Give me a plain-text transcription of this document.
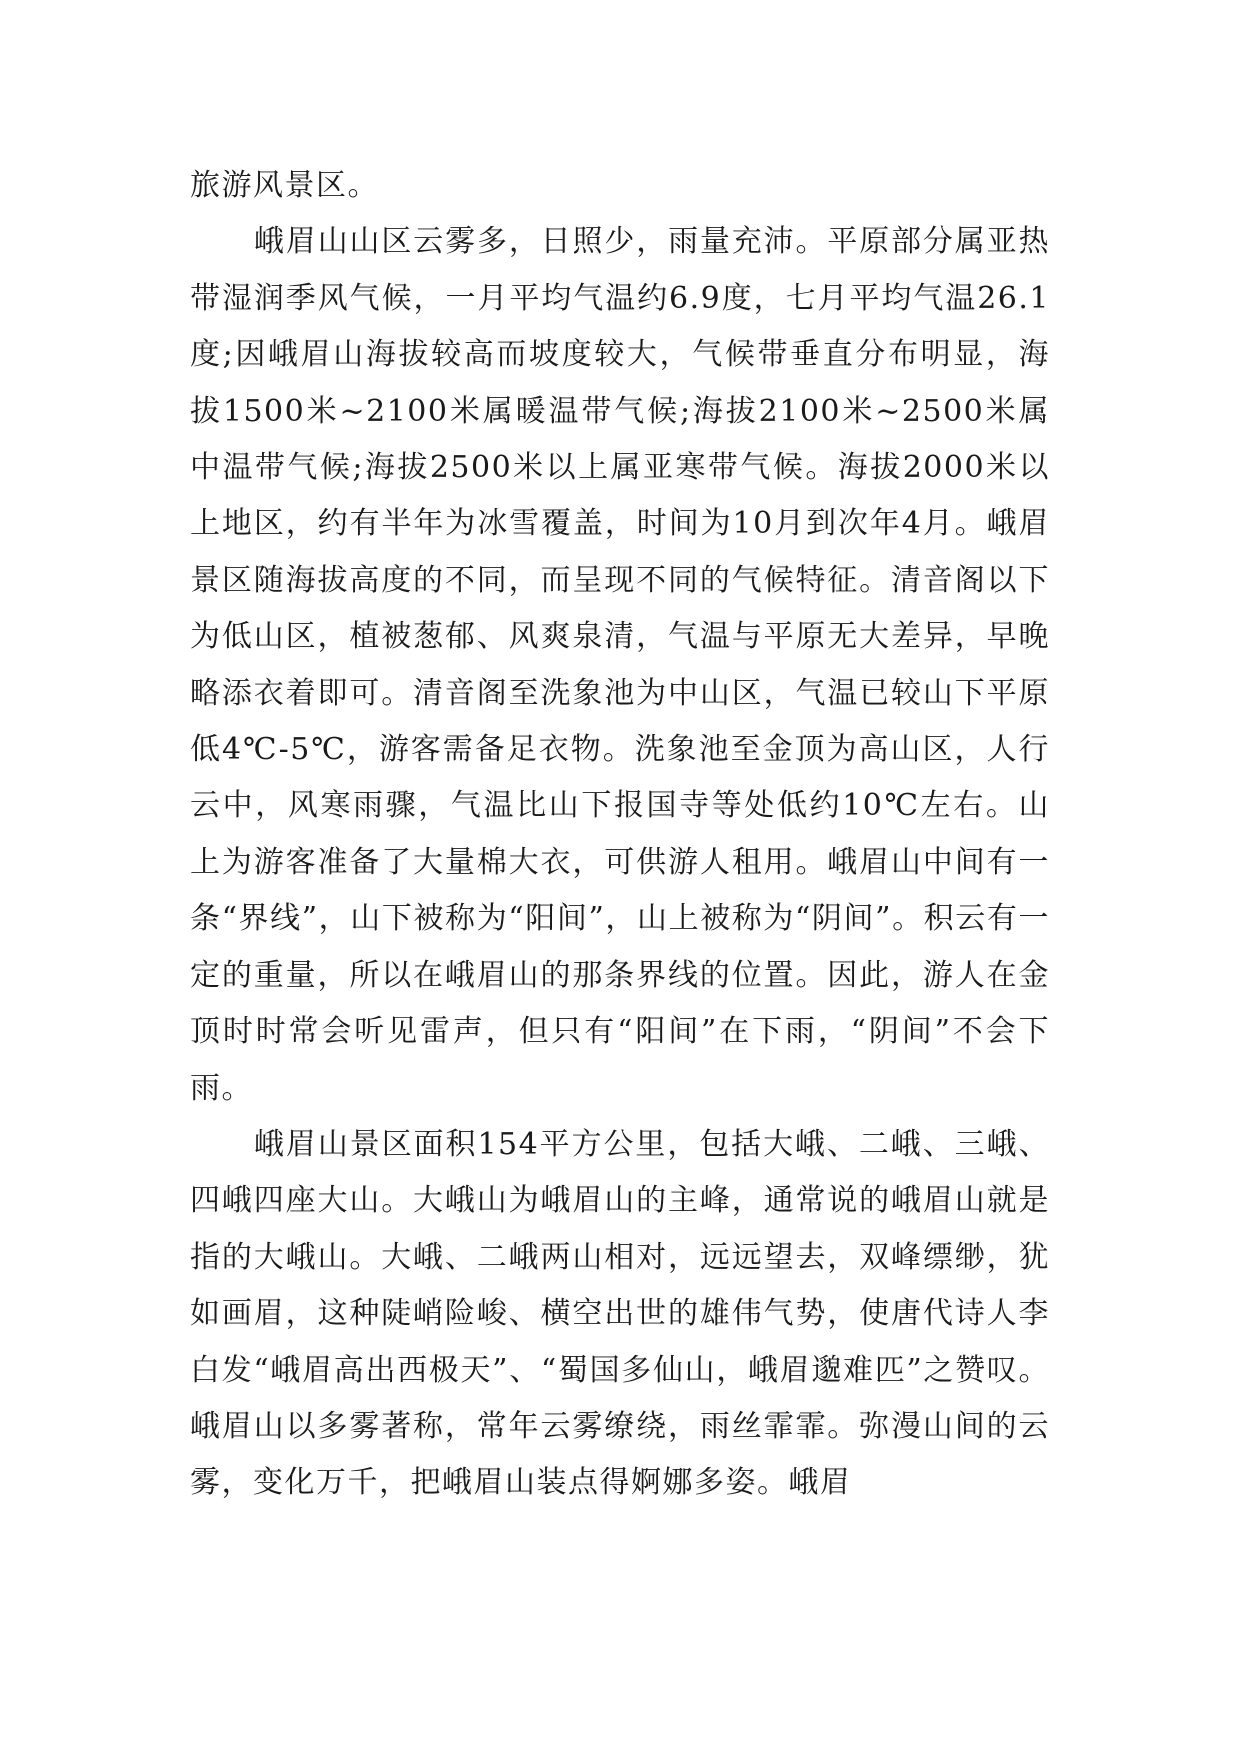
旅游风景区。

峨眉山山区云雾多，日照少，雨量充沛。平原部分属亚热带湿润季风气候，一月平均气温约6.9度，七月平均气温26.1度;因峨眉山海拔较高而坡度较大，气候带垂直分布明显，海拔1500米~2100米属暖温带气候;海拔2100米~2500米属中温带气候;海拔2500米以上属亚寒带气候。海拔2000米以上地区，约有半年为冰雪覆盖，时间为10月到次年4月。峨眉景区随海拔高度的不同，而呈现不同的气候特征。清音阁以下为低山区，植被葱郁、风爽泉清，气温与平原无大差异，早晚略添衣着即可。清音阁至洗象池为中山区，气温已较山下平原低4℃-5℃，游客需备足衣物。洗象池至金顶为高山区，人行云中，风寒雨骤，气温比山下报国寺等处低约10℃左右。山上为游客准备了大量棉大衣，可供游人租用。峨眉山中间有一条“界线”，山下被称为“阳间”，山上被称为“阴间”。积云有一定的重量，所以在峨眉山的那条界线的位置。因此，游人在金顶时时常会听见雷声，但只有“阳间”在下雨，“阴间”不会下雨。

峨眉山景区面积154平方公里，包括大峨、二峨、三峨、四峨四座大山。大峨山为峨眉山的主峰，通常说的峨眉山就是指的大峨山。大峨、二峨两山相对，远远望去，双峰缥缈，犹如画眉，这种陡峭险峻、横空出世的雄伟气势，使唐代诗人李白发“峨眉高出西极天”、“蜀国多仙山，峨眉邈难匹”之赞叹。峨眉山以多雾著称，常年云雾缭绕，雨丝霏霏。弥漫山间的云雾，变化万千，把峨眉山装点得婀娜多姿。峨眉
